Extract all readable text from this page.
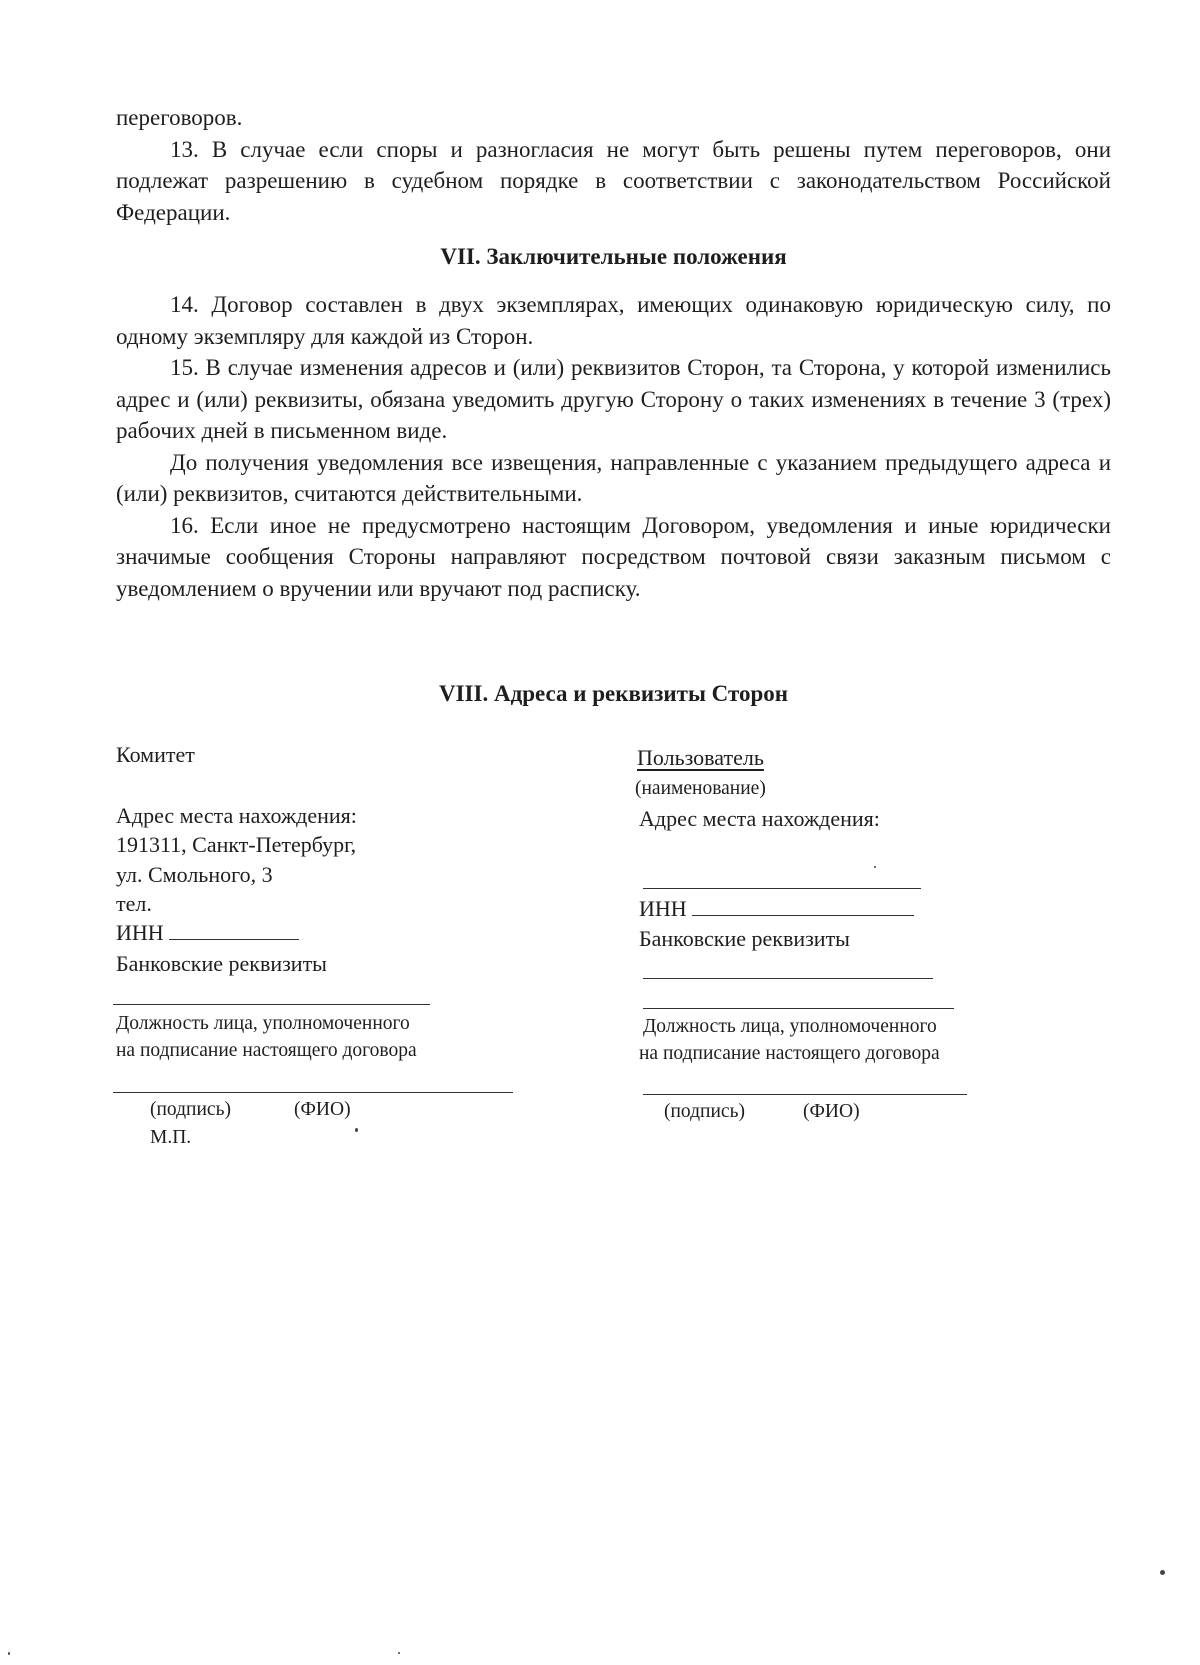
переговоров.

13. В случае если споры и разногласия не могут быть решены путем переговоров, они подлежат разрешению в судебном порядке в соответствии с законодательством Российской Федерации.

VII. Заключительные положения

14. Договор составлен в двух экземплярах, имеющих одинаковую юридическую силу, по одному экземпляру для каждой из Сторон.

15. В случае изменения адресов и (или) реквизитов Сторон, та Сторона, у которой изменились адрес и (или) реквизиты, обязана уведомить другую Сторону о таких изменениях в течение 3 (трех) рабочих дней в письменном виде.

До получения уведомления все извещения, направленные с указанием предыдущего адреса и (или) реквизитов, считаются действительными.

16. Если иное не предусмотрено настоящим Договором, уведомления и иные юридически значимые сообщения Стороны направляют посредством почтовой связи заказным письмом с уведомлением о вручении или вручают под расписку.

VIII. Адреса и реквизиты Сторон

Комитет

Адрес места нахождения:

191311, Санкт-Петербург,

ул. Смольного, 3

тел.

ИНН

Банковские реквизиты

Должность лица, уполномоченного

на подписание настоящего договора

(подпись)	(ФИО)

М.П.

Пользователь

(наименование)

Адрес места нахождения:

ИНН

Банковские реквизиты

Должность лица, уполномоченного

на подписание настоящего договора

(подпись)	(ФИО)
